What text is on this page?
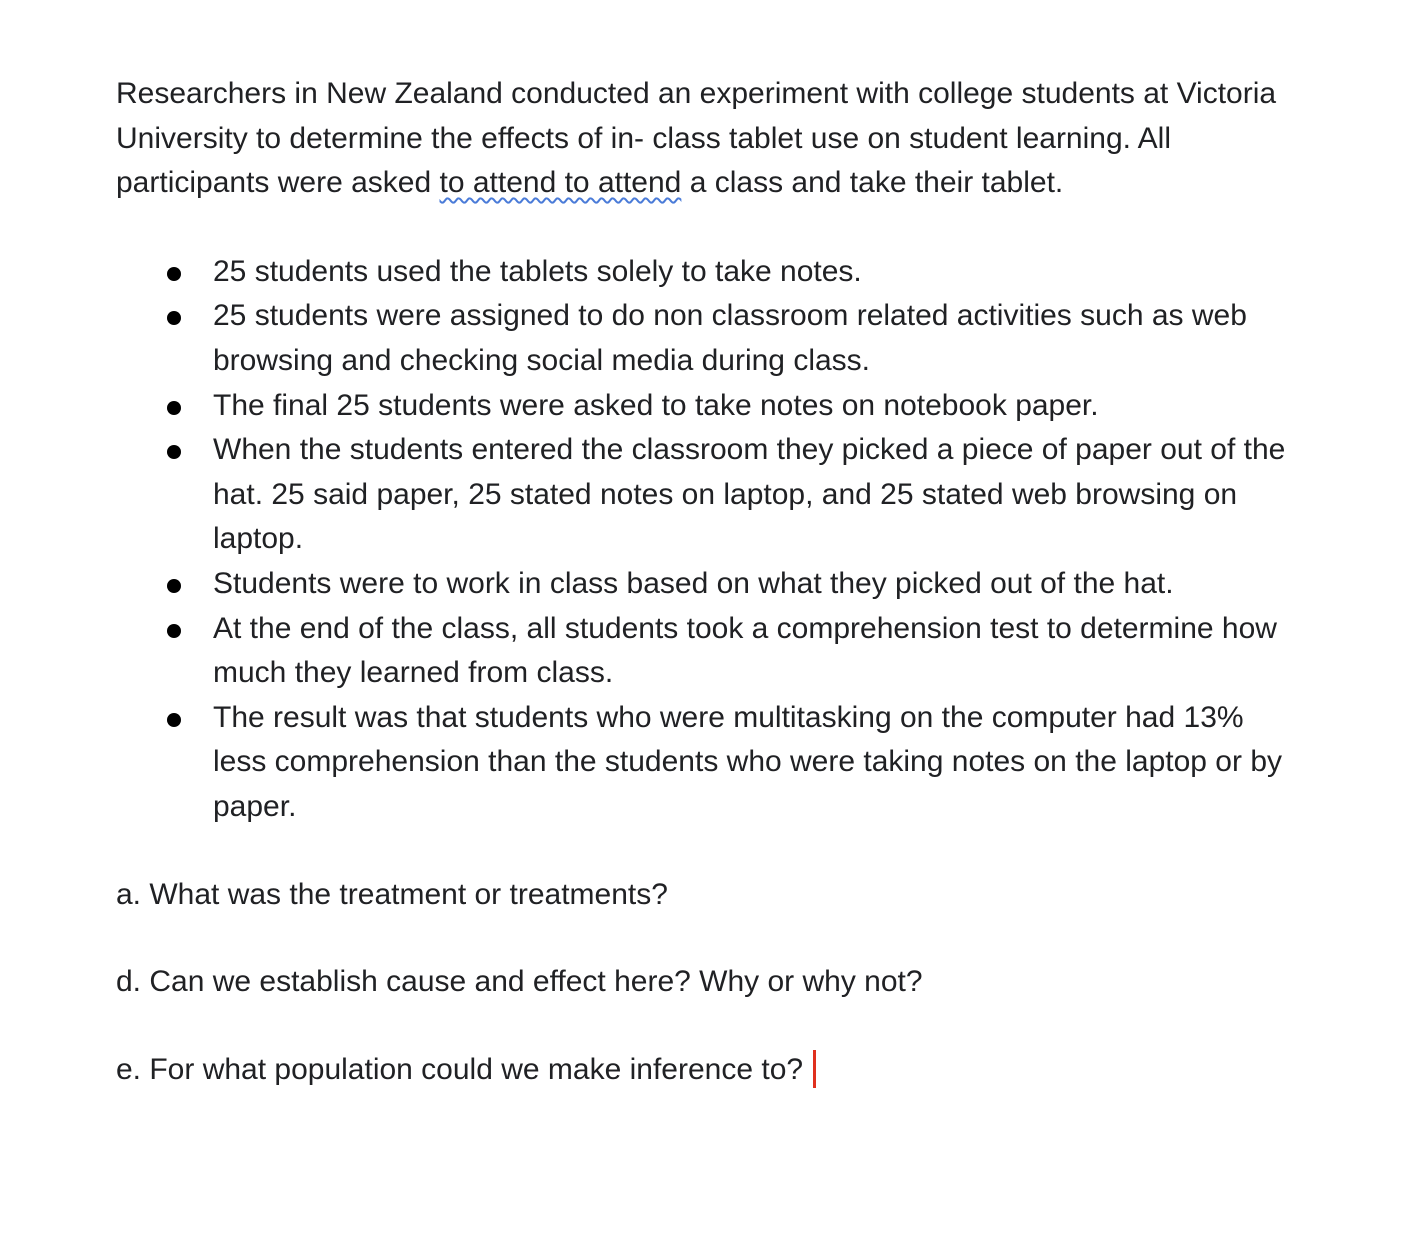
Researchers in New Zealand conducted an experiment with college students at Victoria University to determine the effects of in- class tablet use on student learning. All participants were asked to attend to attend a class and take their tablet.

25 students used the tablets solely to take notes.
25 students were assigned to do non classroom related activities such as web browsing and checking social media during class.
The final 25 students were asked to take notes on notebook paper.
When the students entered the classroom they picked a piece of paper out of the hat. 25 said paper, 25 stated notes on laptop, and 25 stated web browsing on laptop.
Students were to work in class based on what they picked out of the hat.
At the end of the class, all students took a comprehension test to determine how much they learned from class.
The result was that students who were multitasking on the computer had 13% less comprehension than the students who were taking notes on the laptop or by paper.

a. What was the treatment or treatments?

d. Can we establish cause and effect here? Why or why not?

e. For what population could we make inference to?
